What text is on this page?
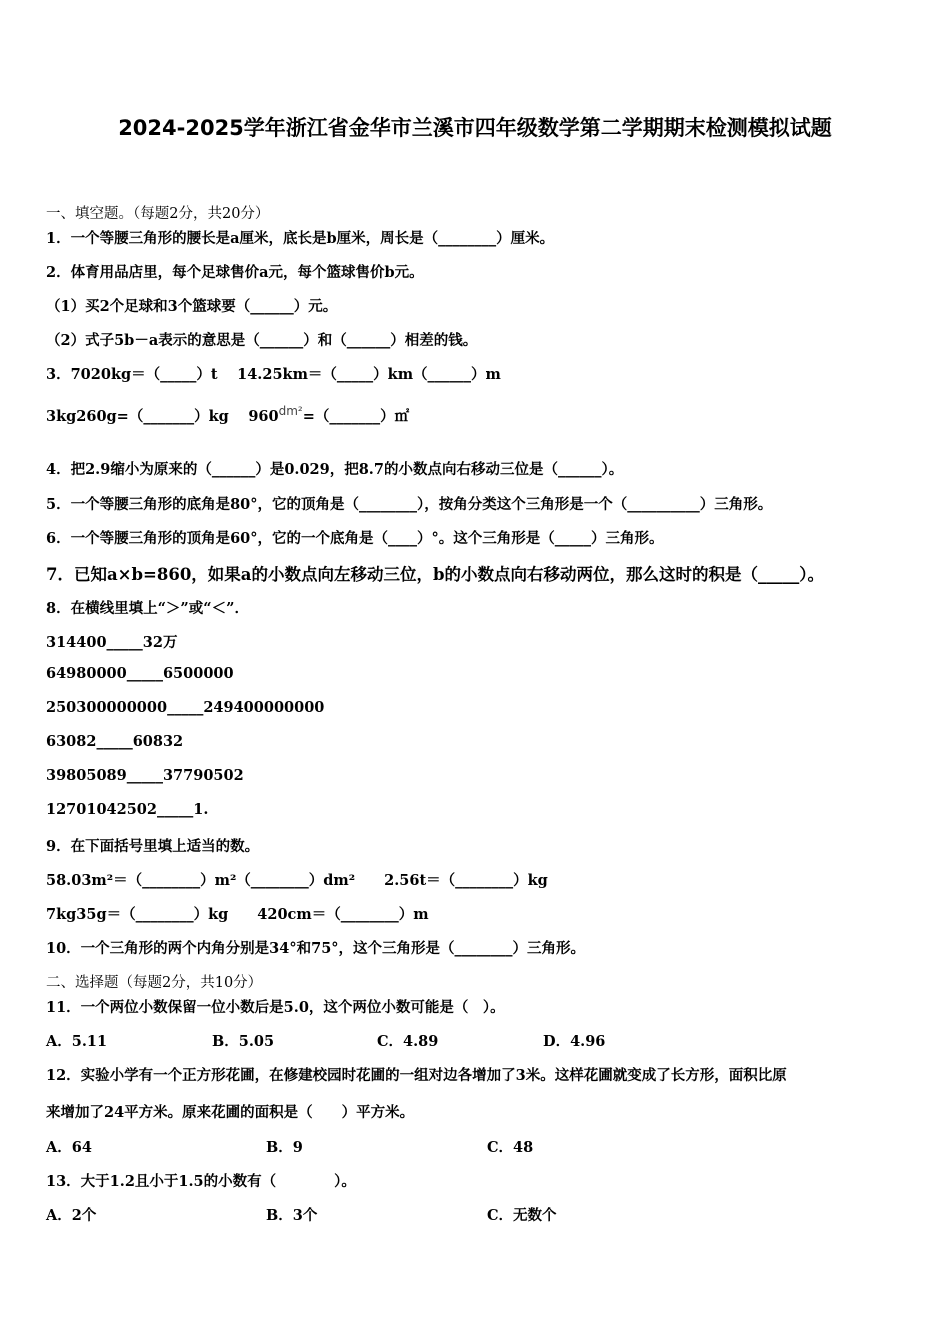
2024-2025学年浙江省金华市兰溪市四年级数学第二学期期末检测模拟试题
一、填空题。（每题2分，共20分）
1．一个等腰三角形的腰长是a厘米，底长是b厘米，周长是（________）厘米。
2．体育用品店里，每个足球售价a元，每个篮球售价b元。
（1）买2个足球和3个篮球要（______）元。
（2）式子5b－a表示的意思是（______）和（______）相差的钱。
3．7020kg＝（_____）t　 14.25km＝（_____）km（______）m
3kg260g=（_______）kg　 $960^{dm^2}=(\_\_\_\_\_\_\_)㎡$
4．把2.9缩小为原来的（______）是0.029，把8.7的小数点向右移动三位是（______）。
5．一个等腰三角形的底角是80°，它的顶角是（________），按角分类这个三角形是一个（__________）三角形。
6．一个等腰三角形的顶角是60°，它的一个底角是（____）°。这个三角形是（_____）三角形。
7．已知a×b=860，如果a的小数点向左移动三位，b的小数点向右移动两位，那么这时的积是（_____）。
8．在横线里填上“＞”或“＜”．
314400_____32万
64980000_____6500000
250300000000_____249400000000
63082_____60832
39805089_____37790502
12701042502_____1.
9．在下面括号里填上适当的数。
58.03m²＝（________）m²（________）dm²　　2.56t＝（________）kg
7kg35g＝（________）kg　　420cm＝（________）m
10．一个三角形的两个内角分别是34°和75°，这个三角形是（________）三角形。
二、选择题（每题2分，共10分）
11．一个两位小数保留一位小数后是5.0，这个两位小数可能是（　）。
A．5.11	B．5.05	C．4.89	D．4.96
12．实验小学有一个正方形花圃，在修建校园时花圃的一组对边各增加了3米。这样花圃就变成了长方形，面积比原
来增加了24平方米。原来花圃的面积是（　　）平方米。
A．64	B．9	C．48
13．大于1.2且小于1.5的小数有（　　　　）。
A．2个	B．3个	C．无数个
